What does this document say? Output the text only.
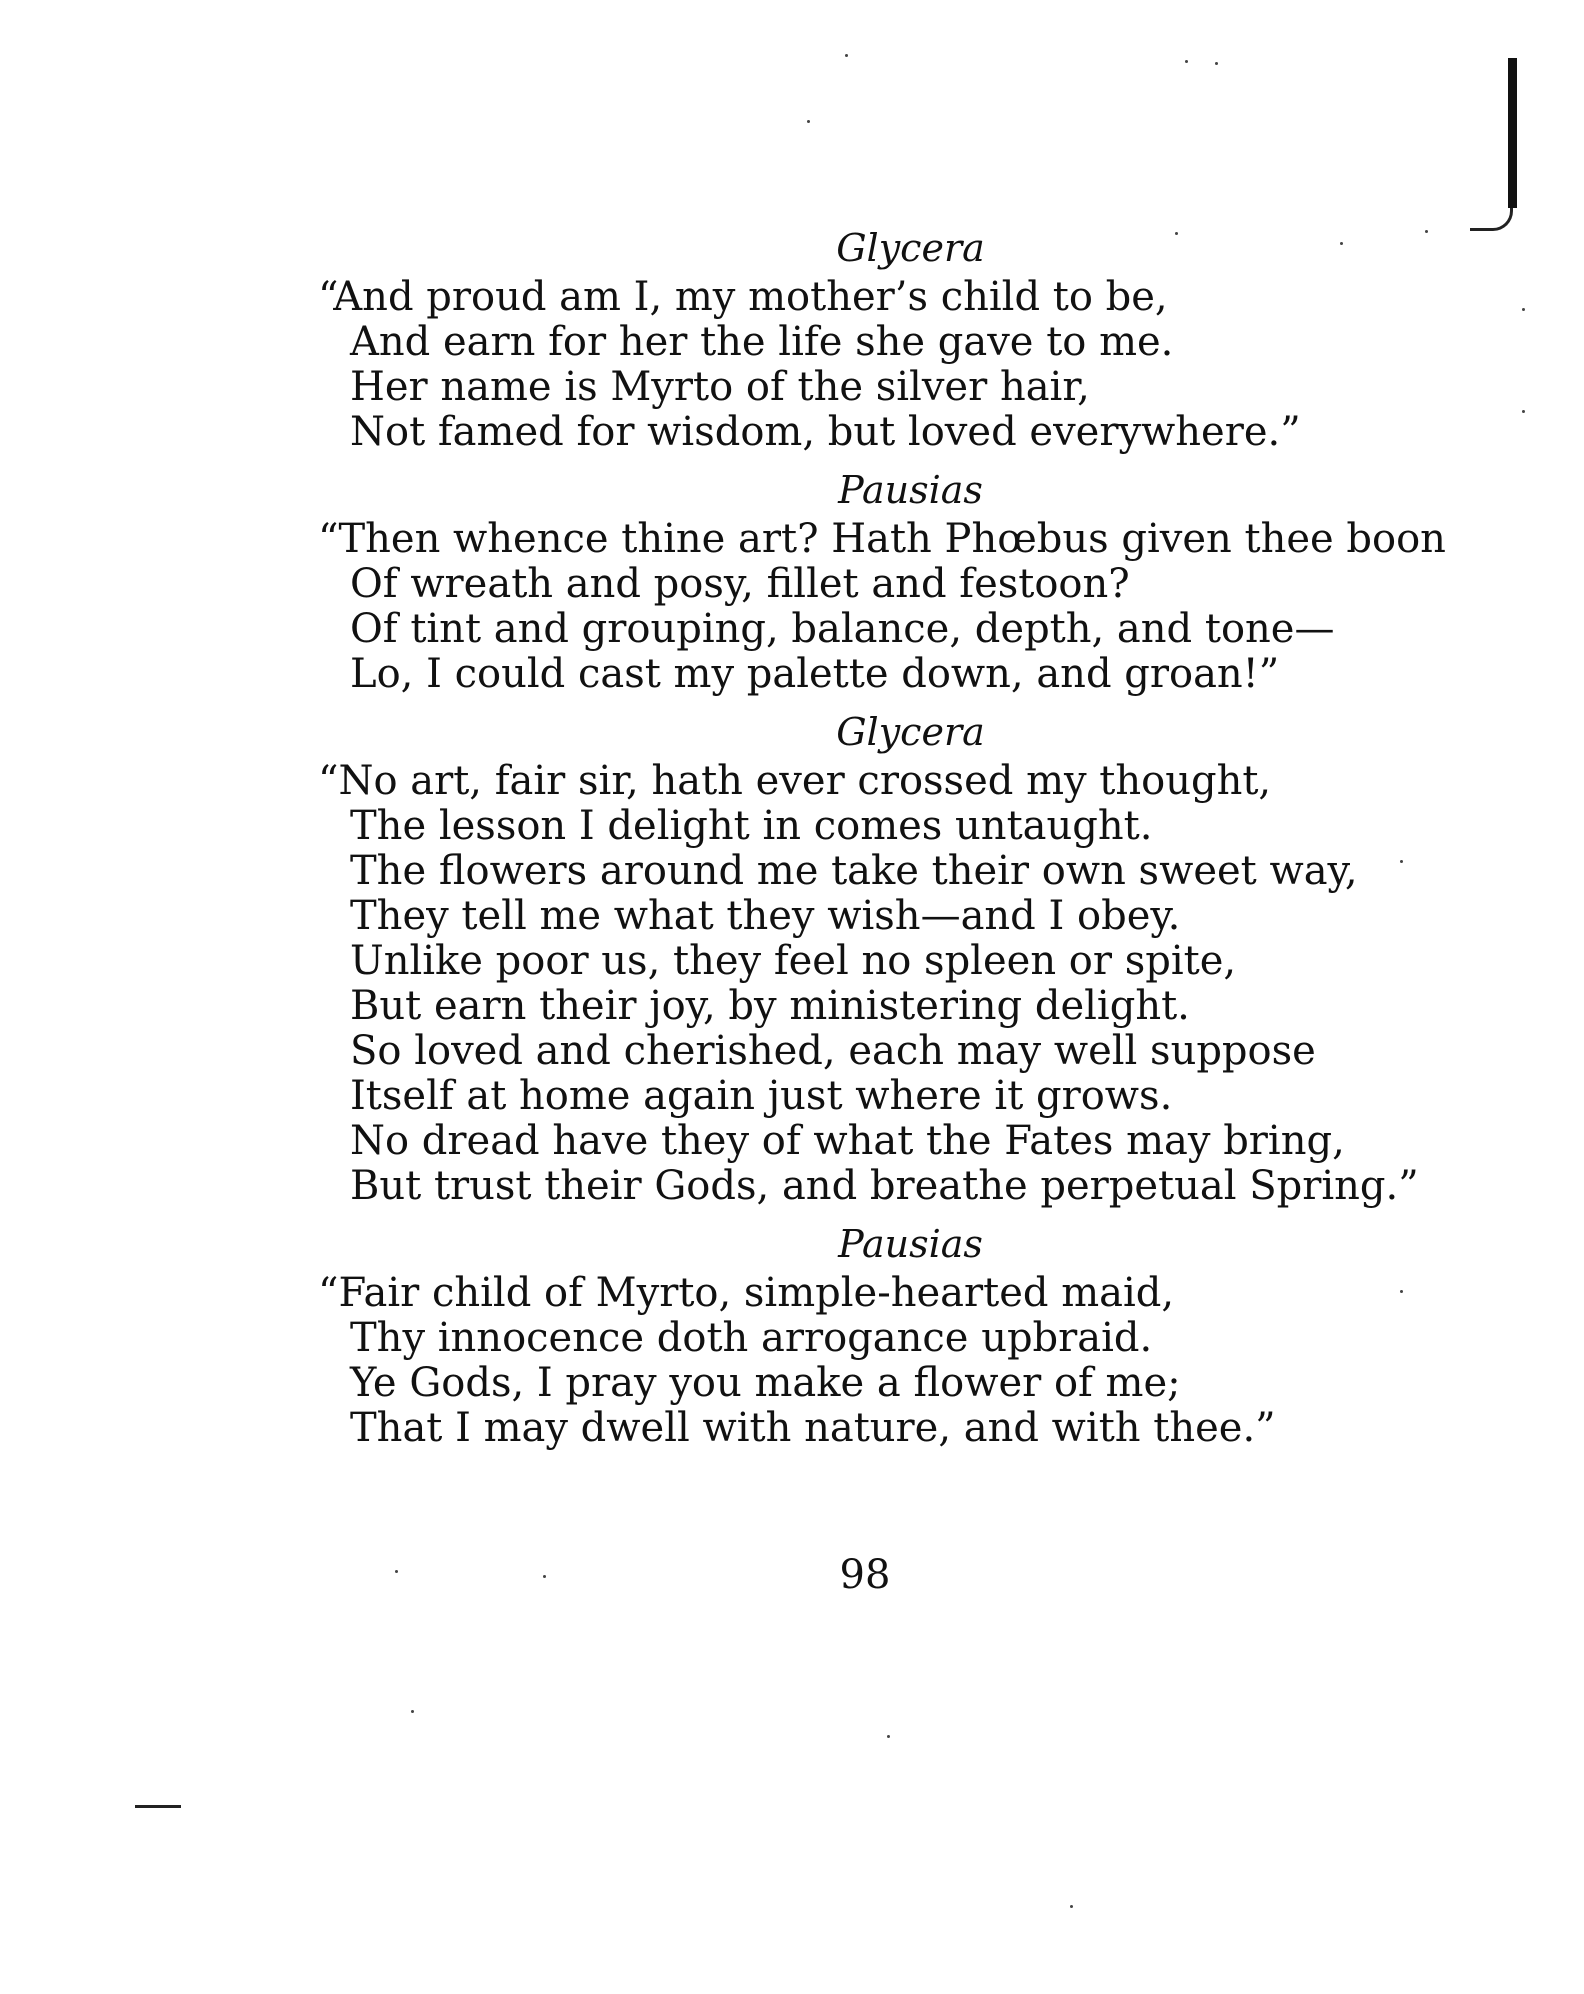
Glycera
“And proud am I, my mother’s child to be,
And earn for her the life she gave to me.
Her name is Myrto of the silver hair,
Not famed for wisdom, but loved everywhere.”
Pausias
“Then whence thine art? Hath Phœbus given thee boon
Of wreath and posy, fillet and festoon?
Of tint and grouping, balance, depth, and tone—
Lo, I could cast my palette down, and groan!”
Glycera
“No art, fair sir, hath ever crossed my thought,
The lesson I delight in comes untaught.
The flowers around me take their own sweet way,
They tell me what they wish—and I obey.
Unlike poor us, they feel no spleen or spite,
But earn their joy, by ministering delight.
So loved and cherished, each may well suppose
Itself at home again just where it grows.
No dread have they of what the Fates may bring,
But trust their Gods, and breathe perpetual Spring.”
Pausias
“Fair child of Myrto, simple-hearted maid,
Thy innocence doth arrogance upbraid.
Ye Gods, I pray you make a flower of me;
That I may dwell with nature, and with thee.”
98
